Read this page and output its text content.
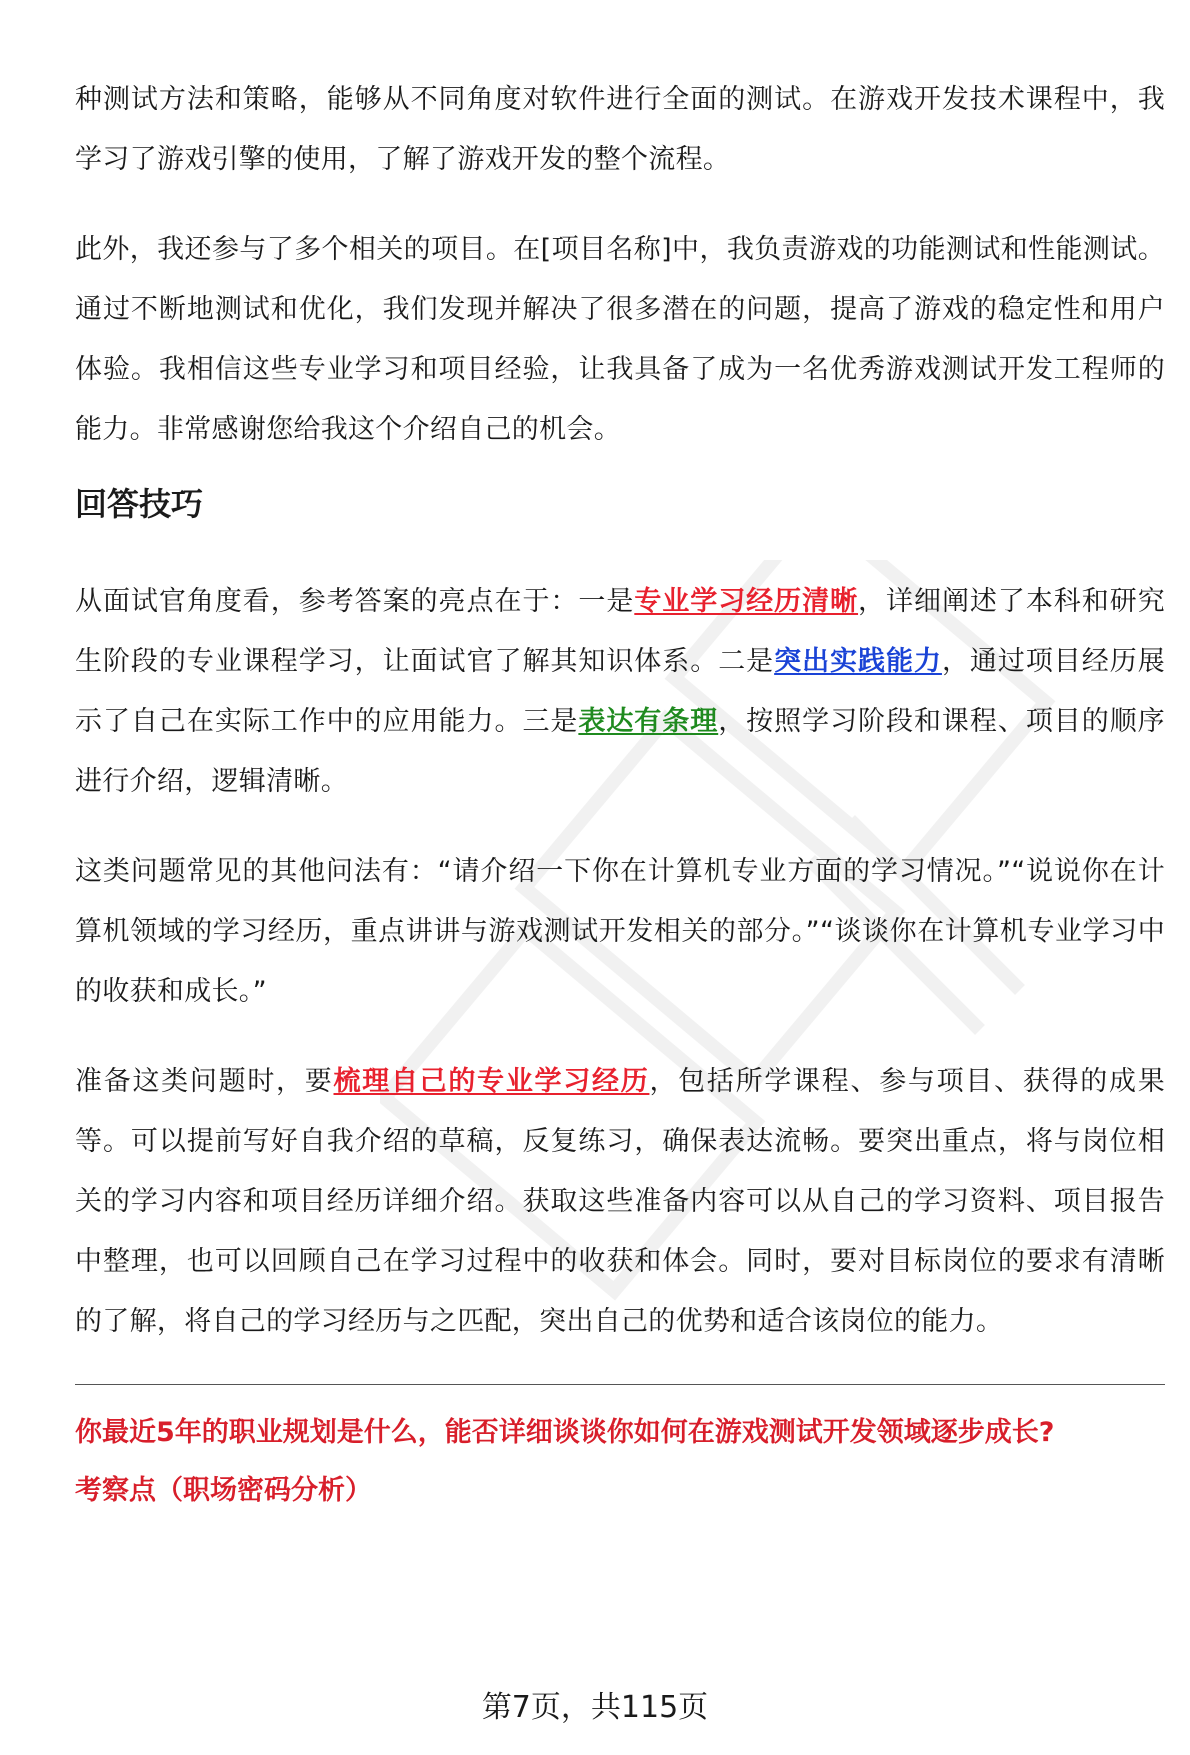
种测试方法和策略，能够从不同角度对软件进行全面的测试。在游戏开发技术课程中，我学习了游戏引擎的使用，了解了游戏开发的整个流程。

此外，我还参与了多个相关的项目。在[项目名称]中，我负责游戏的功能测试和性能测试。通过不断地测试和优化，我们发现并解决了很多潜在的问题，提高了游戏的稳定性和用户体验。我相信这些专业学习和项目经验，让我具备了成为一名优秀游戏测试开发工程师的能力。非常感谢您给我这个介绍自己的机会。

回答技巧

从面试官角度看，参考答案的亮点在于：一是专业学习经历清晰，详细阐述了本科和研究生阶段的专业课程学习，让面试官了解其知识体系。二是突出实践能力，通过项目经历展示了自己在实际工作中的应用能力。三是表达有条理，按照学习阶段和课程、项目的顺序进行介绍，逻辑清晰。

这类问题常见的其他问法有：“请介绍一下你在计算机专业方面的学习情况。”“说说你在计算机领域的学习经历，重点讲讲与游戏测试开发相关的部分。”“谈谈你在计算机专业学习中的收获和成长。”

准备这类问题时，要梳理自己的专业学习经历，包括所学课程、参与项目、获得的成果等。可以提前写好自我介绍的草稿，反复练习，确保表达流畅。要突出重点，将与岗位相关的学习内容和项目经历详细介绍。获取这些准备内容可以从自己的学习资料、项目报告中整理，也可以回顾自己在学习过程中的收获和体会。同时，要对目标岗位的要求有清晰的了解，将自己的学习经历与之匹配，突出自己的优势和适合该岗位的能力。

你最近5年的职业规划是什么，能否详细谈谈你如何在游戏测试开发领域逐步成长?

考察点（职场密码分析）

第7页，共115页
